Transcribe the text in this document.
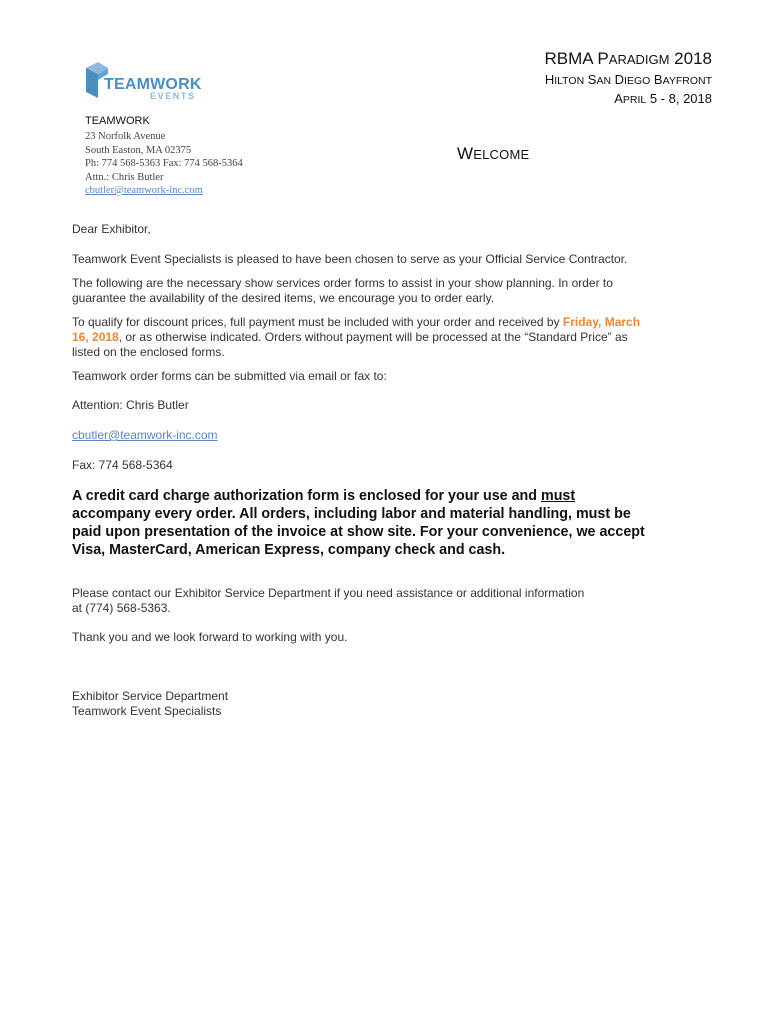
TEAMWORK
EVENTS
RBMA PARADIGM 2018
HILTON SAN DIEGO BAYFRONT
APRIL 5 - 8, 2018
TEAMWORK
23 Norfolk Avenue
South Easton, MA 02375
Ph: 774 568-5363 Fax: 774 568-5364
Attn.: Chris Butler
cbutler@teamwork-inc.com
WELCOME

Dear Exhibitor,

Teamwork Event Specialists is pleased to have been chosen to serve as your Official Service Contractor.

The following are the necessary show services order forms to assist in your show planning. In order to
guarantee the availability of the desired items, we encourage you to order early.

To qualify for discount prices, full payment must be included with your order and received by Friday, March
16, 2018, or as otherwise indicated. Orders without payment will be processed at the “Standard Price” as
listed on the enclosed forms.

Teamwork order forms can be submitted via email or fax to:

Attention: Chris Butler

cbutler@teamwork-inc.com

Fax: 774 568-5364

A credit card charge authorization form is enclosed for your use and must
accompany every order. All orders, including labor and material handling, must be
paid upon presentation of the invoice at show site. For your convenience, we accept
Visa, MasterCard, American Express, company check and cash.

Please contact our Exhibitor Service Department if you need assistance or additional information
at (774) 568-5363.

Thank you and we look forward to working with you.

Exhibitor Service Department
Teamwork Event Specialists
